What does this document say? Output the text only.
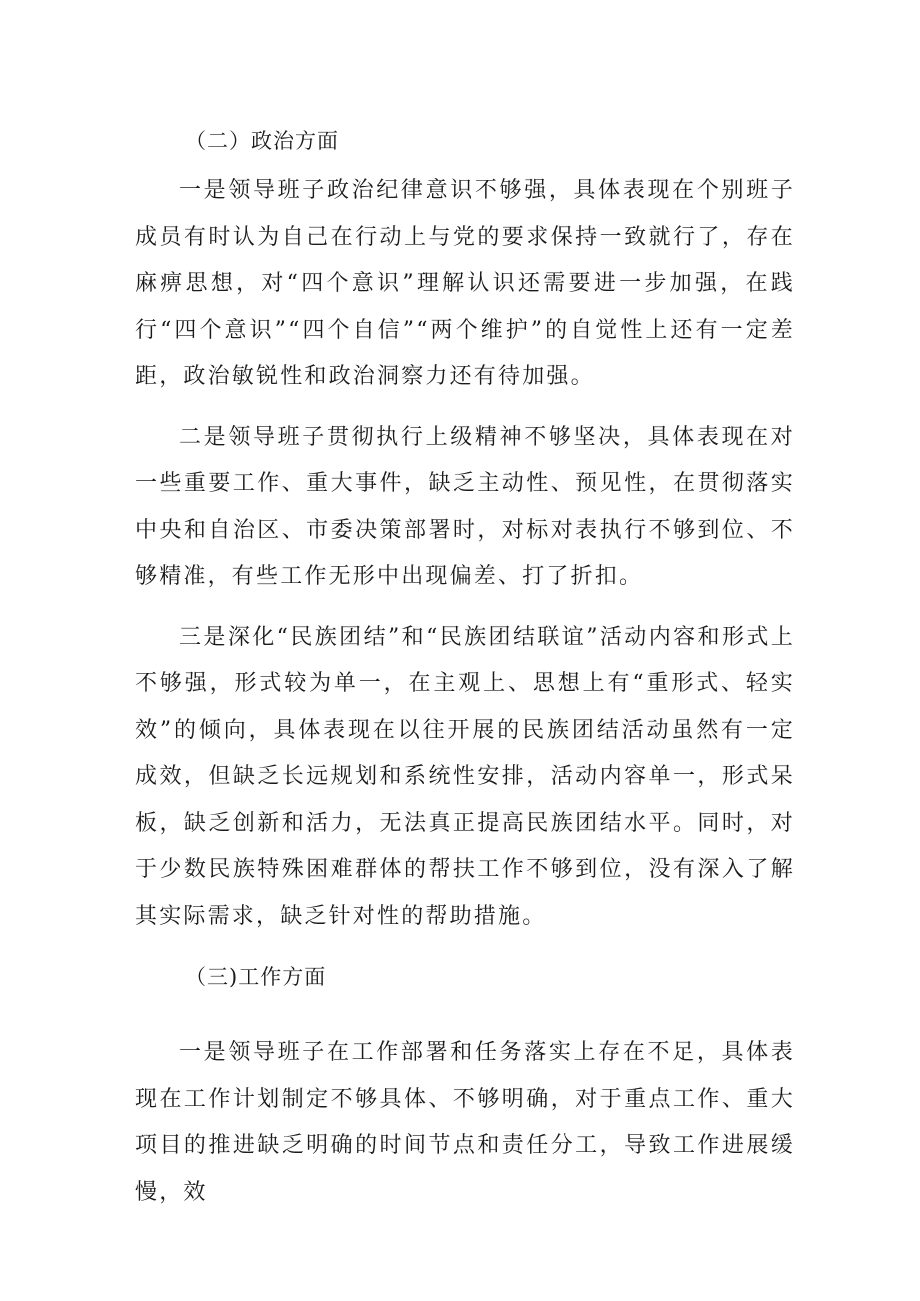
（二）政治方面

一是领导班子政治纪律意识不够强，具体表现在个别班子成员有时认为自己在行动上与党的要求保持一致就行了，存在麻痹思想，对“四个意识”理解认识还需要进一步加强，在践行“四个意识”“四个自信”“两个维护”的自觉性上还有一定差距，政治敏锐性和政治洞察力还有待加强。

二是领导班子贯彻执行上级精神不够坚决，具体表现在对一些重要工作、重大事件，缺乏主动性、预见性，在贯彻落实中央和自治区、市委决策部署时，对标对表执行不够到位、不够精准，有些工作无形中出现偏差、打了折扣。

三是深化“民族团结”和“民族团结联谊”活动内容和形式上不够强，形式较为单一，在主观上、思想上有“重形式、轻实效”的倾向，具体表现在以往开展的民族团结活动虽然有一定成效，但缺乏长远规划和系统性安排，活动内容单一，形式呆板，缺乏创新和活力，无法真正提高民族团结水平。同时，对于少数民族特殊困难群体的帮扶工作不够到位，没有深入了解其实际需求，缺乏针对性的帮助措施。

（三)工作方面

一是领导班子在工作部署和任务落实上存在不足，具体表现在工作计划制定不够具体、不够明确，对于重点工作、重大项目的推进缺乏明确的时间节点和责任分工，导致工作进展缓慢，效
